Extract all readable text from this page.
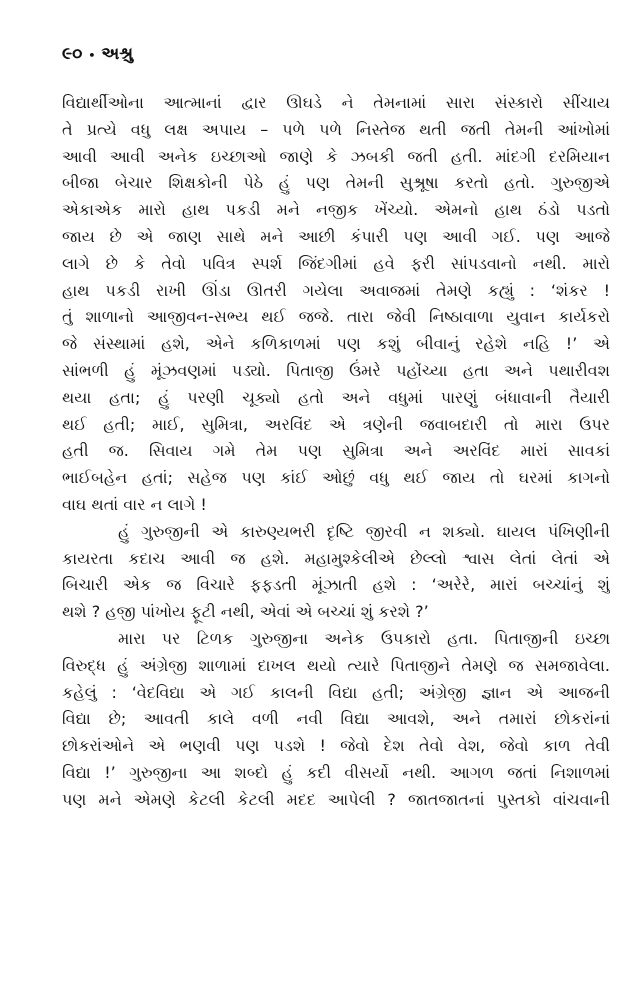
૯૦ • અશ્રુ
વિદ્યાર્થીઓના આત્માનાં દ્વાર ઊઘડે ને તેમનામાં સારા સંસ્કારો સીંચાય
તે પ્રત્યે વધુ લક્ષ અપાય – પળે પળે નિસ્તેજ થતી જતી તેમની આંખોમાં
આવી આવી અનેક ઇચ્છાઓ જાણે કે ઝબકી જતી હતી. માંદગી દરમિયાન
બીજા બેચાર શિક્ષકોની પેઠે હું પણ તેમની સુશ્રૂષા કરતો હતો. ગુરુજીએ
એકાએક મારો હાથ પકડી મને નજીક ખેંચ્યો. એમનો હાથ ઠંડો પડતો
જાય છે એ જાણ સાથે મને આછી કંપારી પણ આવી ગઈ. પણ આજે
લાગે છે કે તેવો પવિત્ર સ્પર્શ જિંદગીમાં હવે ફરી સાંપડવાનો નથી. મારો
હાથ પકડી રાખી ઊંડા ઊતરી ગયેલા અવાજમાં તેમણે કહ્યું : ‘શંકર !
તું શાળાનો આજીવન-સભ્ય થઈ જજે. તારા જેવી નિષ્ઠાવાળા યુવાન કાર્યકરો
જે સંસ્થામાં હશે, એને કળિકાળમાં પણ કશું બીવાનું રહેશે નહિ !’ એ
સાંભળી હું મૂંઝવણમાં પડ્યો. પિતાજી ઉંમરે પહોંચ્યા હતા અને પથારીવશ
થયા હતા; હું પરણી ચૂક્યો હતો અને વધુમાં પારણું બંધાવાની તૈયારી
થઈ હતી; માઈ, સુમિત્રા, અરવિંદ એ ત્રણેની જવાબદારી તો મારા ઉપર
હતી જ. સિવાય ગમે તેમ પણ સુમિત્રા અને અરવિંદ મારાં સાવકાં
ભાઈબહેન હતાં; સહેજ પણ કાંઈ ઓછું વધુ થઈ જાય તો ઘરમાં કાગનો
વાઘ થતાં વાર ન લાગે !
હું ગુરુજીની એ કારુણ્યભરી દૃષ્ટિ જીરવી ન શક્યો. ઘાયલ પંખિણીની
કાયરતા કદાચ આવી જ હશે. મહામુશ્કેલીએ છેલ્લો શ્વાસ લેતાં લેતાં એ
બિચારી એક જ વિચારે ફફડતી મૂંઝાતી હશે : ‘અરેરે, મારાં બચ્ચાંનું શું
થશે ? હજી પાંખોય ફૂટી નથી, એવાં એ બચ્ચાં શું કરશે ?’
મારા પર ટિળક ગુરુજીના અનેક ઉપકારો હતા. પિતાજીની ઇચ્છા
વિરુદ્ધ હું અંગ્રેજી શાળામાં દાખલ થયો ત્યારે પિતાજીને તેમણે જ સમજાવેલા.
કહેલું : ‘વેદવિદ્યા એ ગઈ કાલની વિદ્યા હતી; અંગ્રેજી જ્ઞાન એ આજની
વિદ્યા છે; આવતી કાલે વળી નવી વિદ્યા આવશે, અને તમારાં છોકરાંનાં
છોકરાંઓને એ ભણવી પણ પડશે ! જેવો દેશ તેવો વેશ, જેવો કાળ તેવી
વિદ્યા !’ ગુરુજીના આ શબ્દો હું કદી વીસર્યો નથી. આગળ જતાં નિશાળમાં
પણ મને એમણે કેટલી કેટલી મદદ આપેલી ? જાતજાતનાં પુસ્તકો વાંચવાની
